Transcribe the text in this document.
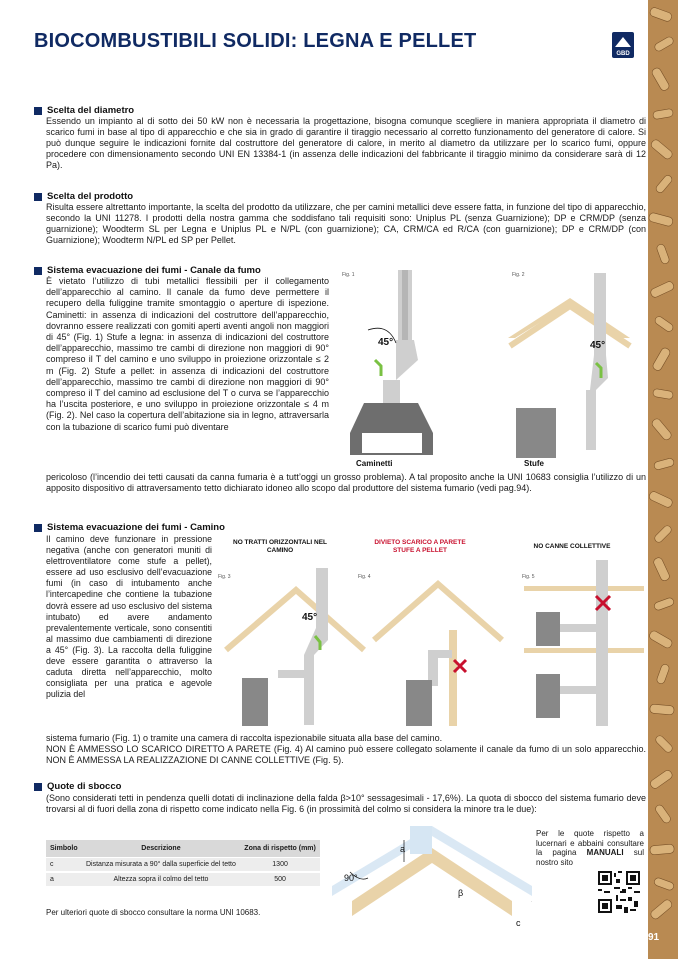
91
BIOCOMBUSTIBILI SOLIDI: LEGNA E PELLET
GBD
Scelta del diametro
Essendo un impianto al di sotto dei 50 kW non è necessaria la progettazione, bisogna comunque scegliere in maniera appropriata il diametro di scarico fumi in base al tipo di apparecchio e che sia in grado di garantire il tiraggio necessario al corretto funzionamento del generatore di calore. Si può dunque seguire le indicazioni fornite dal costruttore del generatore di calore, in merito al diametro da utilizzare per lo scarico fumi, oppure procedere con dimensionamento secondo UNI EN 13384-1 (in assenza delle indicazioni del fabbricante il tiraggio minimo da considerare sarà di 12 Pa).
Scelta del prodotto
Risulta essere altrettanto importante, la scelta del prodotto da utilizzare, che per camini metallici deve essere fatta, in funzione del tipo di apparecchio, secondo la UNI 11278. I prodotti della nostra gamma che soddisfano tali requisiti sono: Uniplus PL (senza Guarnizione); DP e CRM/DP (senza guarnizione); Woodterm SL per Legna e Uniplus PL e N/PL (con guarnizione); CA, CRM/CA ed R/CA (con guarnizione); DP e CRM/DP (con Guarnizione); Woodterm N/PL ed SP per Pellet.
Sistema evacuazione dei fumi - Canale da fumo
È vietato l’utilizzo di tubi metallici flessibili per il collegamento dell’apparecchio al camino. Il canale da fumo deve permettere il recupero della fuliggine tramite smontaggio o aperture di ispezione. Caminetti: in assenza di indicazioni del costruttore dell’apparecchio, dovranno essere realizzati con gomiti aperti aventi angoli non maggiori di 45° (Fig. 1) Stufe a legna: in assenza di indicazioni del costruttore dell’apparecchio, massimo tre cambi di direzione non maggiori di 90° compreso il T del camino e uno sviluppo in proiezione orizzontale ≤ 2 m (Fig. 2) Stufe a pellet: in assenza di indicazioni del costruttore dell’apparecchio, massimo tre cambi di direzione non maggiori di 90° compreso il T del camino ad esclusione del T o curva se l’apparecchio ha l’uscita posteriore, e uno sviluppo in proiezione orizzontale ≤ 4 m (Fig. 2). Nel caso la copertura dell’abitazione sia in legno, attraversarla con la tubazione di scarico fumi può diventare
pericoloso (l’incendio dei tetti causati da canna fumaria è a tutt’oggi un grosso problema). A tal proposito anche la UNI 10683 consiglia l’utilizzo di un apposito dispositivo di attraversamento tetto dichiarato idoneo allo scopo dal produttore del sistema fumario (vedi pag.94).
Fig. 1
45°
Caminetti
Fig. 2
45°
Stufe
Sistema evacuazione dei fumi - Camino
Il camino deve funzionare in pressione negativa (anche con generatori muniti di elettroventilatore come stufe a pellet), essere ad uso esclusivo dell’evacuazione fumi (in caso di intubamento anche l’intercapedine che contiene la tubazione dovrà essere ad uso esclusivo del sistema intubato) ed avere andamento prevalentemente verticale, sono consentiti al massimo due cambiamenti di direzione a 45° (Fig. 3). La raccolta della fuliggine deve essere garantita o attraverso la caduta diretta nell’apparecchio, molto consigliata per una pratica e agevole pulizia del
sistema fumario (Fig. 1) o tramite una camera di raccolta ispezionabile situata alla base del camino.
NON È AMMESSO LO SCARICO DIRETTO A PARETE (Fig. 4) Al camino può essere collegato solamente il canale da fumo di un solo apparecchio. NON È AMMESSA LA REALIZZAZIONE DI CANNE COLLETTIVE (Fig. 5).
NO TRATTI ORIZZONTALI NEL CAMINO
DIVIETO SCARICO A PARETE STUFE A PELLET
NO CANNE COLLETTIVE
Fig. 3
45°
Fig. 4	Fig. 5
Quote di sbocco
(Sono considerati tetti in pendenza quelli dotati di inclinazione della falda β>10° sessagesimali - 17,6%). La quota di sbocco del sistema fumario deve trovarsi al di fuori della zona di rispetto come indicato nella Fig. 6 (in prossimità del colmo si considera la minore tra le due):
Simbolo	Descrizione	Zona di rispetto (mm)
c	Distanza misurata a 90° dalla superficie del tetto	1300
a	Altezza sopra il colmo del tetto	500
Per ulteriori quote di sbocco consultare la norma UNI 10683.
90°
a
β
c
Per le quote rispetto a lucernari e abbaini consultare la pagina MANUALI sul nostro sito
